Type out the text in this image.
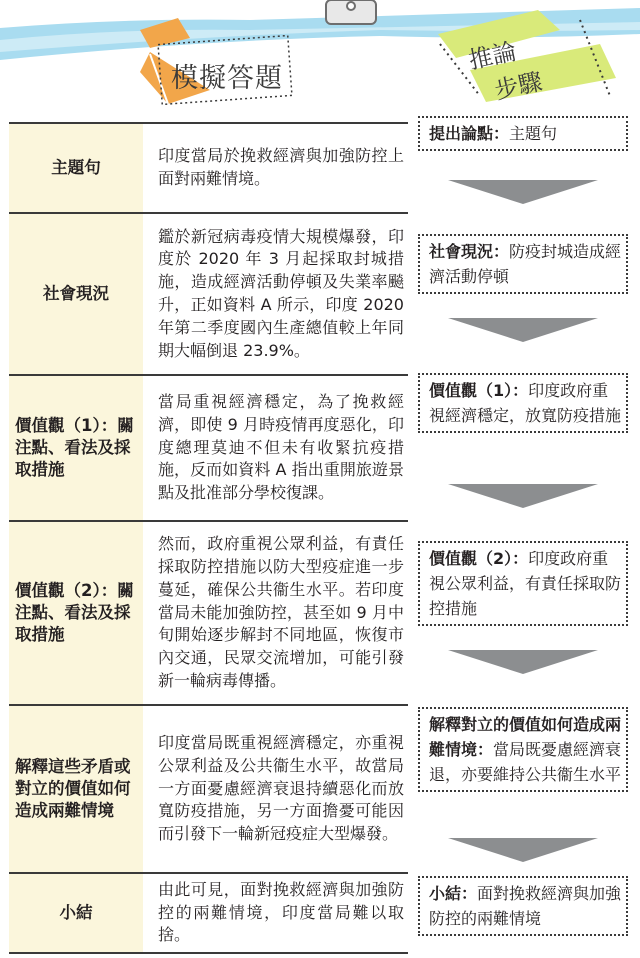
模擬答題
推論
步驟
主題句	印度當局於挽救經濟與加強防控上面對兩難情境。
社會現況	鑑於新冠病毒疫情大規模爆發，印度於 2020 年 3 月起採取封城措施，造成經濟活動停頓及失業率飈升，正如資料 A 所示，印度 2020 年第二季度國內生產總值較上年同期大幅倒退 23.9%。
價值觀（1）：關注點、看法及採取措施	當局重視經濟穩定，為了挽救經濟，即使 9 月時疫情再度惡化，印度總理莫迪不但未有收緊抗疫措施，反而如資料 A 指出重開旅遊景點及批准部分學校復課。
價值觀（2）：關注點、看法及採取措施	然而，政府重視公眾利益，有責任採取防控措施以防大型疫症進一步蔓延，確保公共衞生水平。若印度當局未能加強防控，甚至如 9 月中旬開始逐步解封不同地區，恢復市內交通，民眾交流增加，可能引發新一輪病毒傳播。
解釋這些矛盾或對立的價值如何造成兩難情境	印度當局既重視經濟穩定，亦重視公眾利益及公共衞生水平，故當局一方面憂慮經濟衰退持續惡化而放寬防疫措施，另一方面擔憂可能因而引發下一輪新冠疫症大型爆發。
小結	由此可見，面對挽救經濟與加強防控的兩難情境，印度當局難以取捨。
提出論點：主題句
社會現況：防疫封城造成經濟活動停頓
價值觀（1）：印度政府重視經濟穩定，放寬防疫措施
價值觀（2）：印度政府重視公眾利益，有責任採取防控措施
解釋對立的價值如何造成兩難情境：當局既憂慮經濟衰退，亦要維持公共衞生水平
小結：面對挽救經濟與加強防控的兩難情境
